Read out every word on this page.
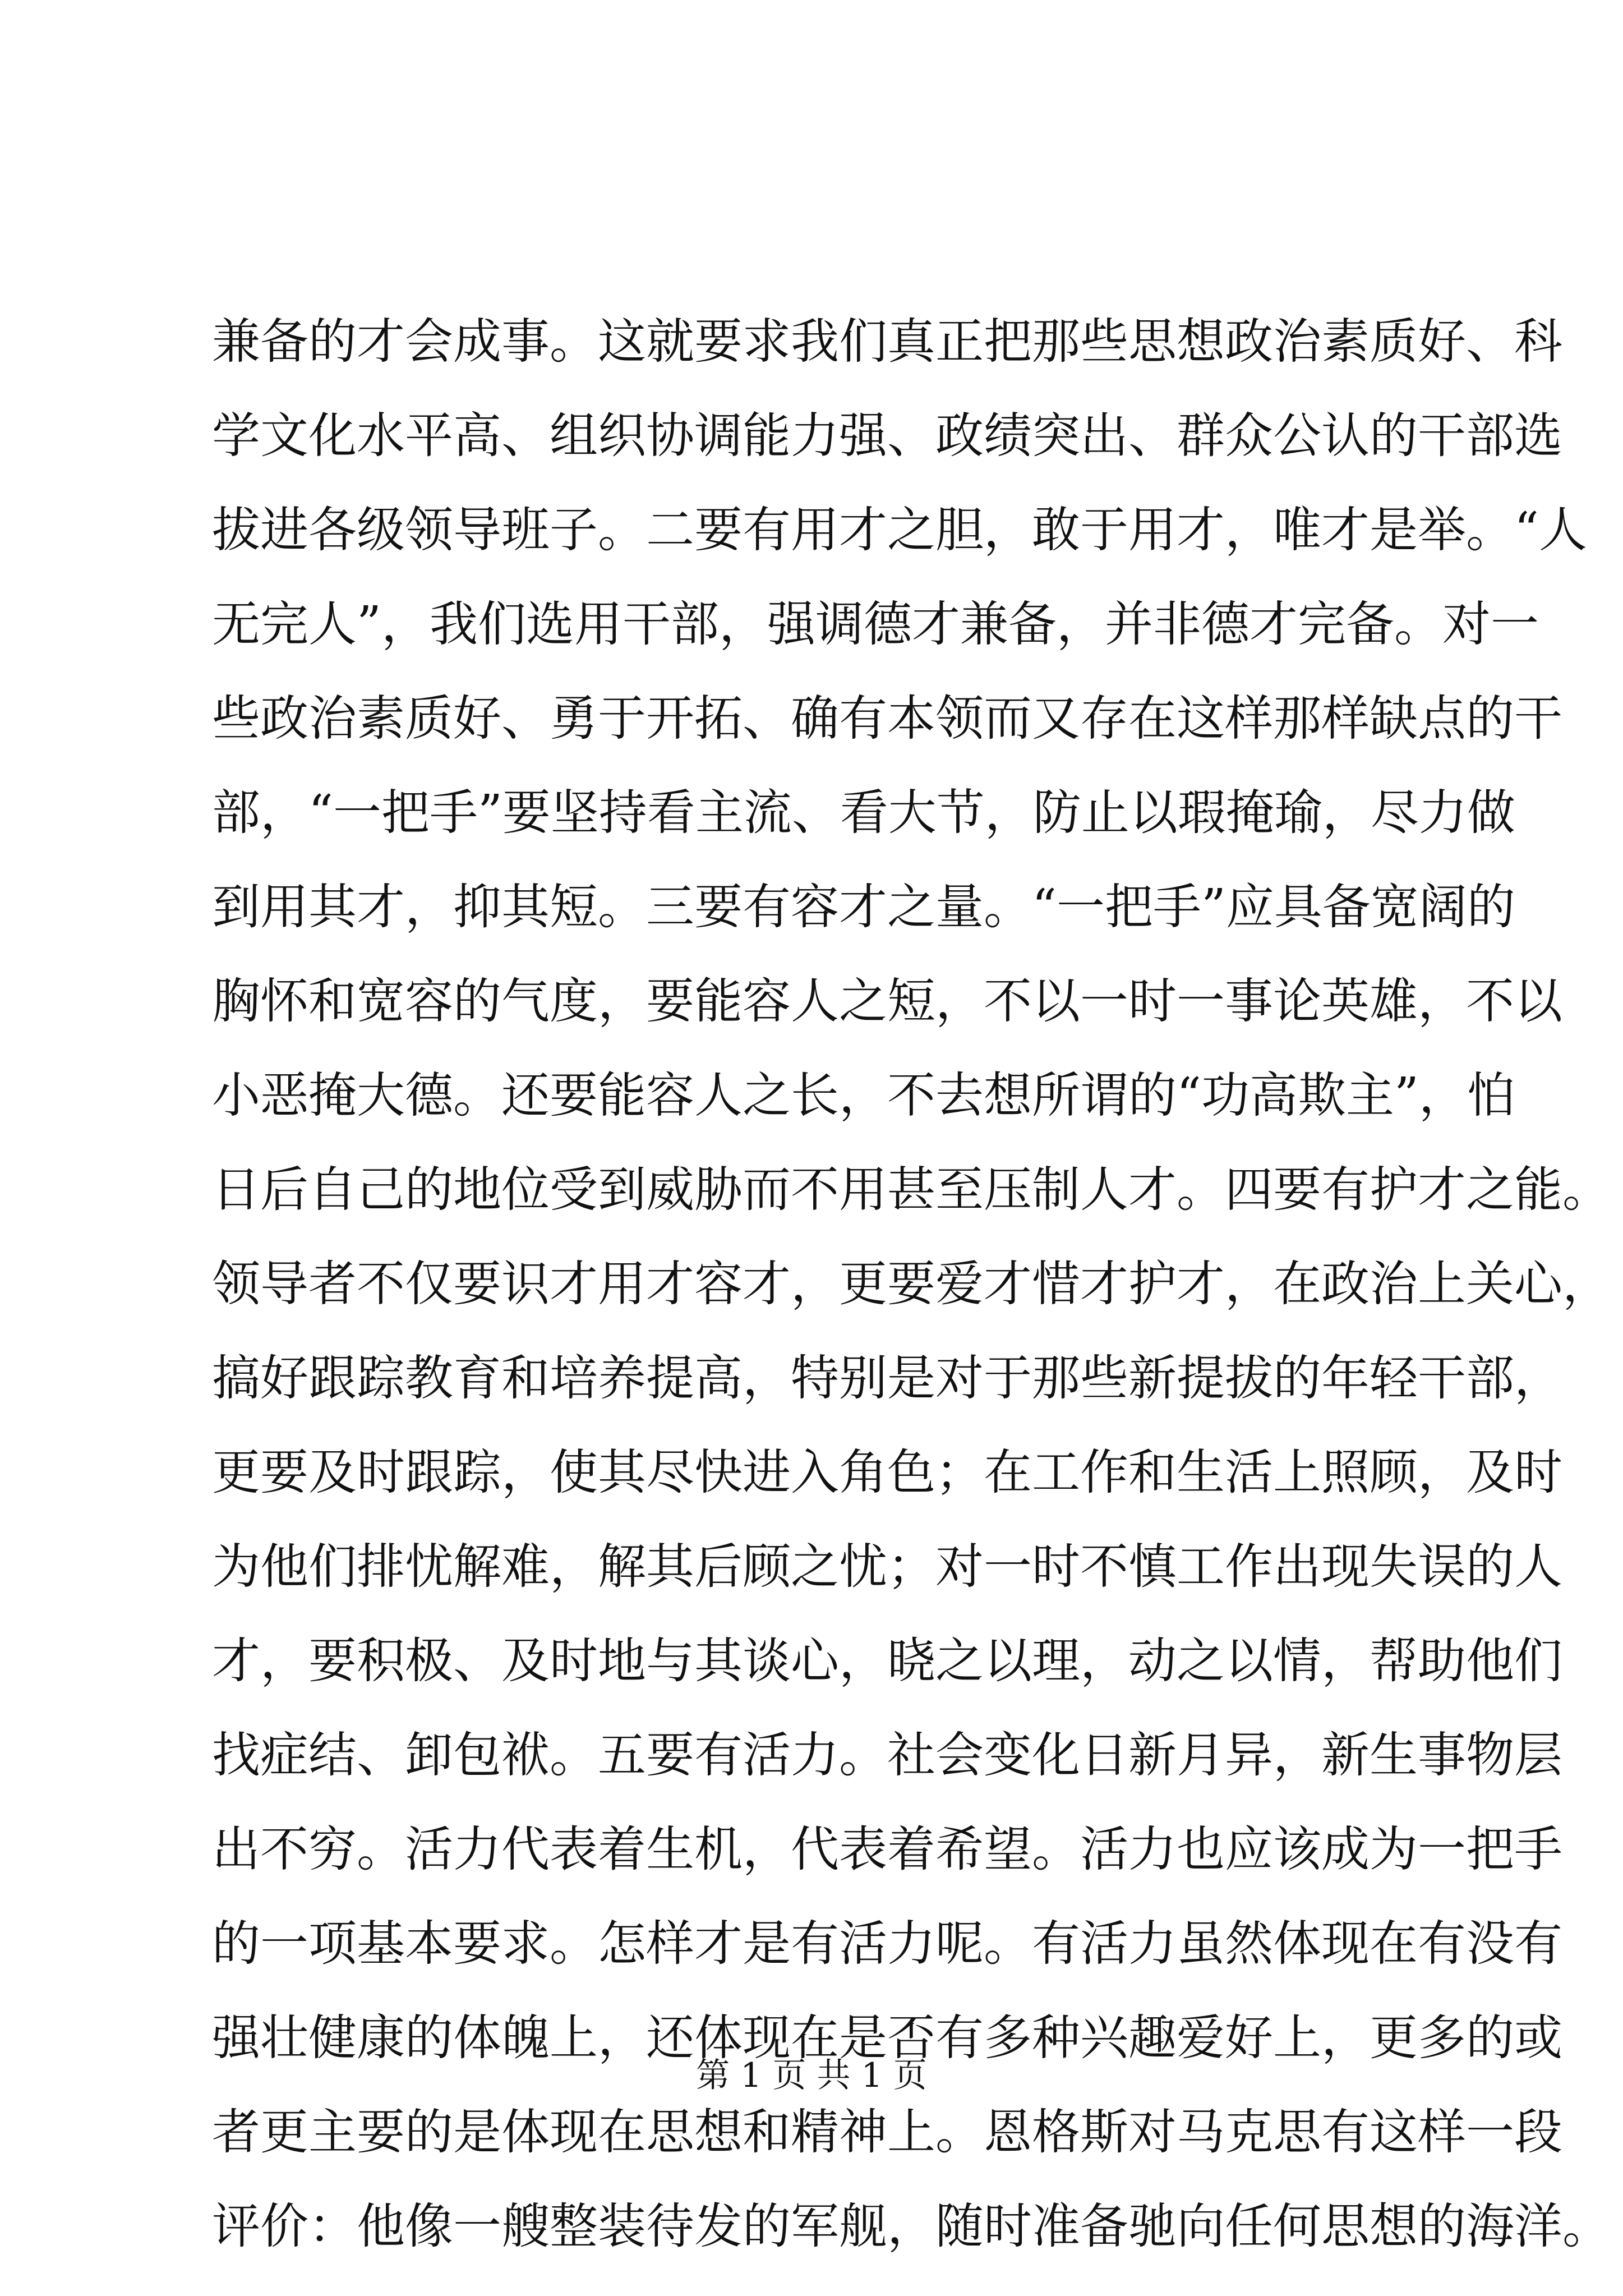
兼备的才会成事。这就要求我们真正把那些思想政治素质好、科
学文化水平高、组织协调能力强、政绩突出、群众公认的干部选
拔进各级领导班子。二要有用才之胆，敢于用才，唯才是举。“人
无完人”，我们选用干部，强调德才兼备，并非德才完备。对一
些政治素质好、勇于开拓、确有本领而又存在这样那样缺点的干
部，“一把手”要坚持看主流、看大节，防止以瑕掩瑜，尽力做
到用其才，抑其短。三要有容才之量。“一把手”应具备宽阔的
胸怀和宽容的气度，要能容人之短，不以一时一事论英雄，不以
小恶掩大德。还要能容人之长，不去想所谓的“功高欺主”，怕
日后自己的地位受到威胁而不用甚至压制人才。四要有护才之能。
领导者不仅要识才用才容才，更要爱才惜才护才，在政治上关心，
搞好跟踪教育和培养提高，特别是对于那些新提拔的年轻干部，
更要及时跟踪，使其尽快进入角色；在工作和生活上照顾，及时
为他们排忧解难，解其后顾之忧；对一时不慎工作出现失误的人
才，要积极、及时地与其谈心，晓之以理，动之以情，帮助他们
找症结、卸包袱。五要有活力。社会变化日新月异，新生事物层
出不穷。活力代表着生机，代表着希望。活力也应该成为一把手
的一项基本要求。怎样才是有活力呢。有活力虽然体现在有没有
强壮健康的体魄上，还体现在是否有多种兴趣爱好上，更多的或
者更主要的是体现在思想和精神上。恩格斯对马克思有这样一段
评价：他像一艘整装待发的军舰，随时准备驰向任何思想的海洋。
第 1 页 共 1 页
